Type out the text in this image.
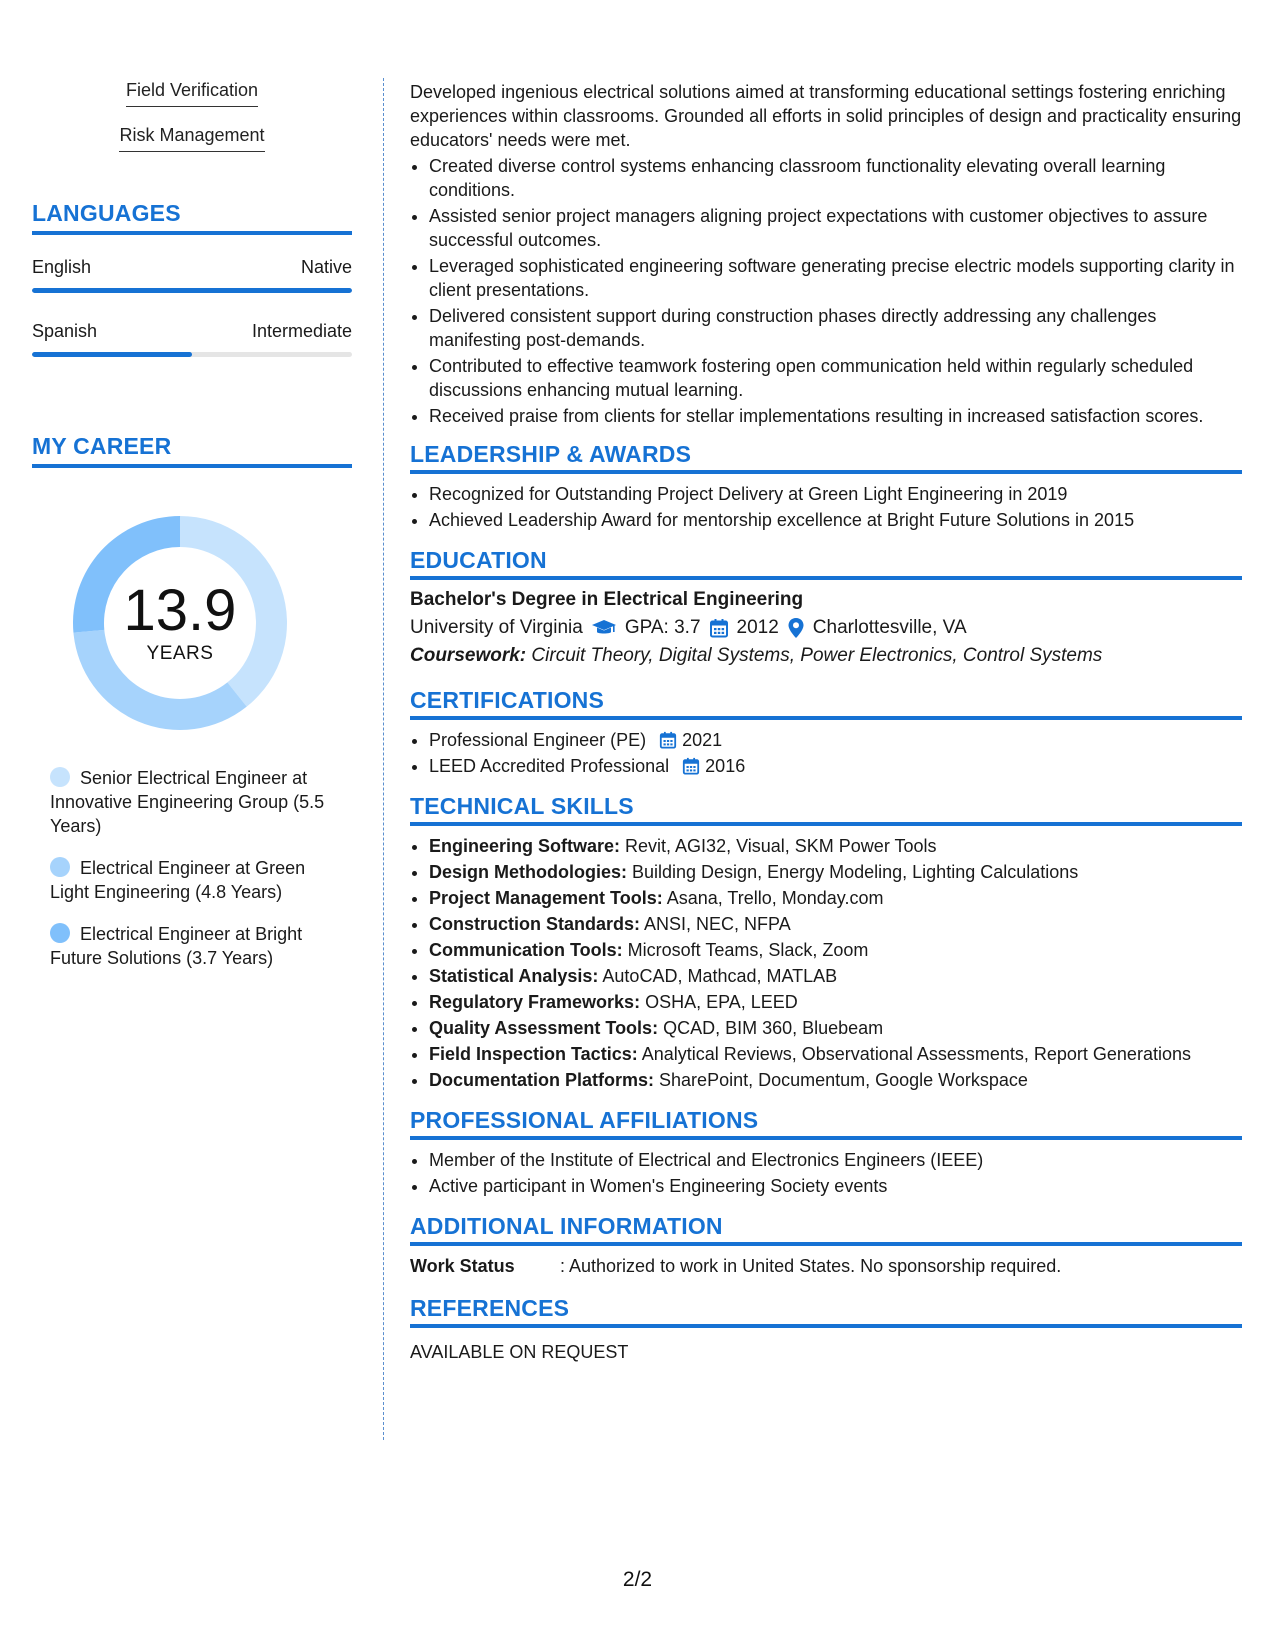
Field Verification
Risk Management
LANGUAGES
English	Native
Spanish	Intermediate
MY CAREER
13.9
YEARS
Senior Electrical Engineer at Innovative Engineering Group (5.5 Years)
Electrical Engineer at Green Light Engineering (4.8 Years)
Electrical Engineer at Bright Future Solutions (3.7 Years)

Developed ingenious electrical solutions aimed at transforming educational settings fostering enriching experiences within classrooms. Grounded all efforts in solid principles of design and practicality ensuring educators' needs were met.

• Created diverse control systems enhancing classroom functionality elevating overall learning conditions.
• Assisted senior project managers aligning project expectations with customer objectives to assure successful outcomes.
• Leveraged sophisticated engineering software generating precise electric models supporting clarity in client presentations.
• Delivered consistent support during construction phases directly addressing any challenges manifesting post-demands.
• Contributed to effective teamwork fostering open communication held within regularly scheduled discussions enhancing mutual learning.
• Received praise from clients for stellar implementations resulting in increased satisfaction scores.
LEADERSHIP & AWARDS
• Recognized for Outstanding Project Delivery at Green Light Engineering in 2019
• Achieved Leadership Award for mentorship excellence at Bright Future Solutions in 2015
EDUCATION
Bachelor's Degree in Electrical Engineering
University of Virginia GPA: 3.7 2012 Charlottesville, VA
Coursework: Circuit Theory, Digital Systems, Power Electronics, Control Systems
CERTIFICATIONS
• Professional Engineer (PE) 2021
• LEED Accredited Professional 2016
TECHNICAL SKILLS
• Engineering Software: Revit, AGI32, Visual, SKM Power Tools
• Design Methodologies: Building Design, Energy Modeling, Lighting Calculations
• Project Management Tools: Asana, Trello, Monday.com
• Construction Standards: ANSI, NEC, NFPA
• Communication Tools: Microsoft Teams, Slack, Zoom
• Statistical Analysis: AutoCAD, Mathcad, MATLAB
• Regulatory Frameworks: OSHA, EPA, LEED
• Quality Assessment Tools: QCAD, BIM 360, Bluebeam
• Field Inspection Tactics: Analytical Reviews, Observational Assessments, Report Generations
• Documentation Platforms: SharePoint, Documentum, Google Workspace
PROFESSIONAL AFFILIATIONS
• Member of the Institute of Electrical and Electronics Engineers (IEEE)
• Active participant in Women's Engineering Society events
ADDITIONAL INFORMATION
Work Status	: Authorized to work in United States. No sponsorship required.
REFERENCES
AVAILABLE ON REQUEST
2/2
